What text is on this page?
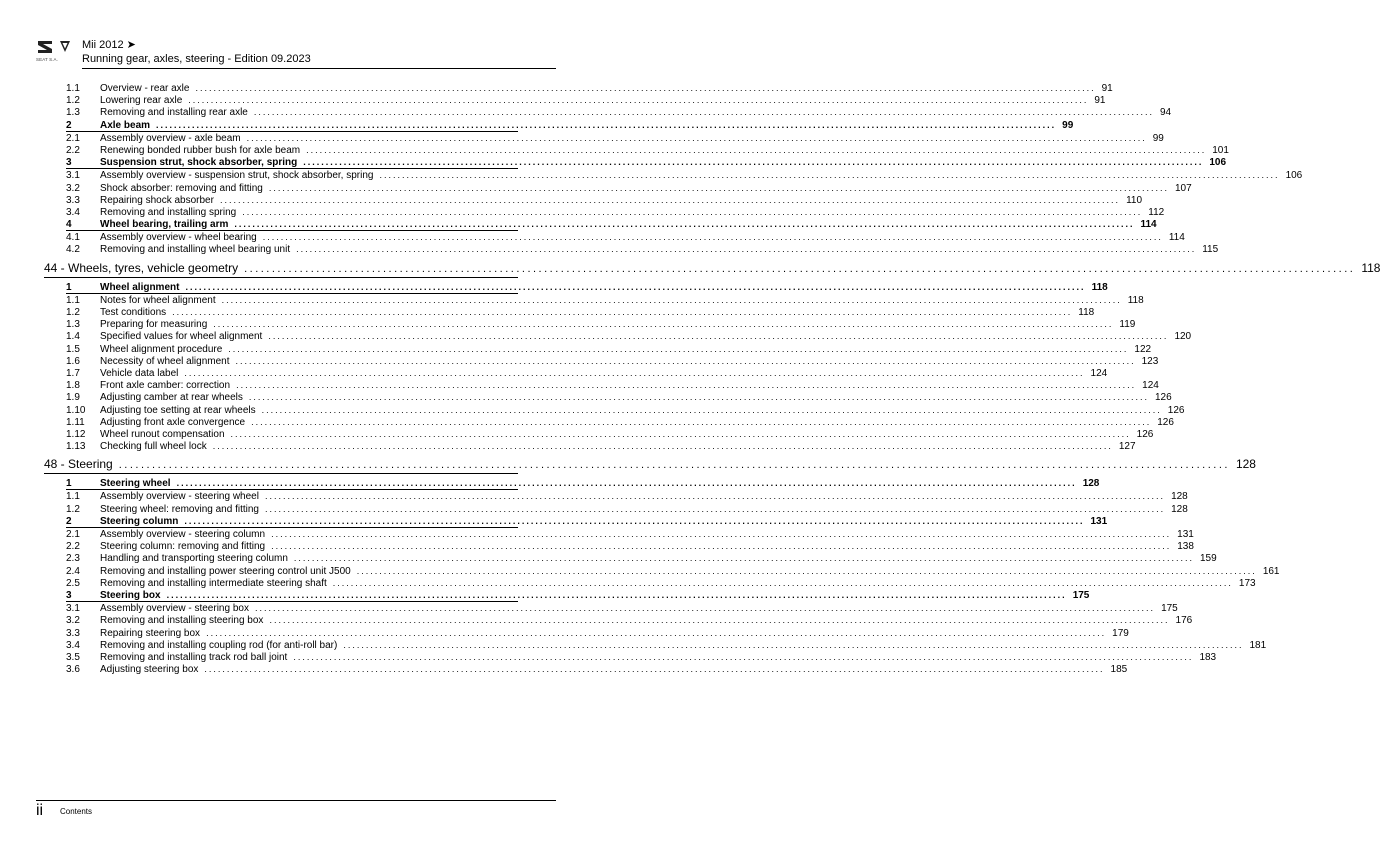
SEAT S.A.
Mii 2012 ➤
Running gear, axles, steering - Edition 09.2023
1.1	Overview - rear axle ........................................................................................................................................................................................................ 91
1.2	Lowering rear axle ........................................................................................................................................................................................................ 91
1.3	Removing and installing rear axle ........................................................................................................................................................................................................ 94
2	Axle beam ........................................................................................................................................................................................................ 99
2.1	Assembly overview - axle beam ........................................................................................................................................................................................................ 99
2.2	Renewing bonded rubber bush for axle beam ........................................................................................................................................................................................................ 101
3	Suspension strut, shock absorber, spring ........................................................................................................................................................................................................ 106
3.1	Assembly overview - suspension strut, shock absorber, spring ........................................................................................................................................................................................................ 106
3.2	Shock absorber: removing and fitting ........................................................................................................................................................................................................ 107
3.3	Repairing shock absorber ........................................................................................................................................................................................................ 110
3.4	Removing and installing spring ........................................................................................................................................................................................................ 112
4	Wheel bearing, trailing arm ........................................................................................................................................................................................................ 114
4.1	Assembly overview - wheel bearing ........................................................................................................................................................................................................ 114
4.2	Removing and installing wheel bearing unit ........................................................................................................................................................................................................ 115
44 - Wheels, tyres, vehicle geometry ........................................................................................................................................................................................................ 118
1	Wheel alignment ........................................................................................................................................................................................................ 118
1.1	Notes for wheel alignment ........................................................................................................................................................................................................ 118
1.2	Test conditions ........................................................................................................................................................................................................ 118
1.3	Preparing for measuring ........................................................................................................................................................................................................ 119
1.4	Specified values for wheel alignment ........................................................................................................................................................................................................ 120
1.5	Wheel alignment procedure ........................................................................................................................................................................................................ 122
1.6	Necessity of wheel alignment ........................................................................................................................................................................................................ 123
1.7	Vehicle data label ........................................................................................................................................................................................................ 124
1.8	Front axle camber: correction ........................................................................................................................................................................................................ 124
1.9	Adjusting camber at rear wheels ........................................................................................................................................................................................................ 126
1.10	Adjusting toe setting at rear wheels ........................................................................................................................................................................................................ 126
1.11	Adjusting front axle convergence ........................................................................................................................................................................................................ 126
1.12	Wheel runout compensation ........................................................................................................................................................................................................ 126
1.13	Checking full wheel lock ........................................................................................................................................................................................................ 127
48 - Steering ........................................................................................................................................................................................................ 128
1	Steering wheel ........................................................................................................................................................................................................ 128
1.1	Assembly overview - steering wheel ........................................................................................................................................................................................................ 128
1.2	Steering wheel: removing and fitting ........................................................................................................................................................................................................ 128
2	Steering column ........................................................................................................................................................................................................ 131
2.1	Assembly overview - steering column ........................................................................................................................................................................................................ 131
2.2	Steering column: removing and fitting ........................................................................................................................................................................................................ 138
2.3	Handling and transporting steering column ........................................................................................................................................................................................................ 159
2.4	Removing and installing power steering control unit J500 ........................................................................................................................................................................................................ 161
2.5	Removing and installing intermediate steering shaft ........................................................................................................................................................................................................ 173
3	Steering box ........................................................................................................................................................................................................ 175
3.1	Assembly overview - steering box ........................................................................................................................................................................................................ 175
3.2	Removing and installing steering box ........................................................................................................................................................................................................ 176
3.3	Repairing steering box ........................................................................................................................................................................................................ 179
3.4	Removing and installing coupling rod (for anti-roll bar) ........................................................................................................................................................................................................ 181
3.5	Removing and installing track rod ball joint ........................................................................................................................................................................................................ 183
3.6	Adjusting steering box ........................................................................................................................................................................................................ 185
ii Contents
